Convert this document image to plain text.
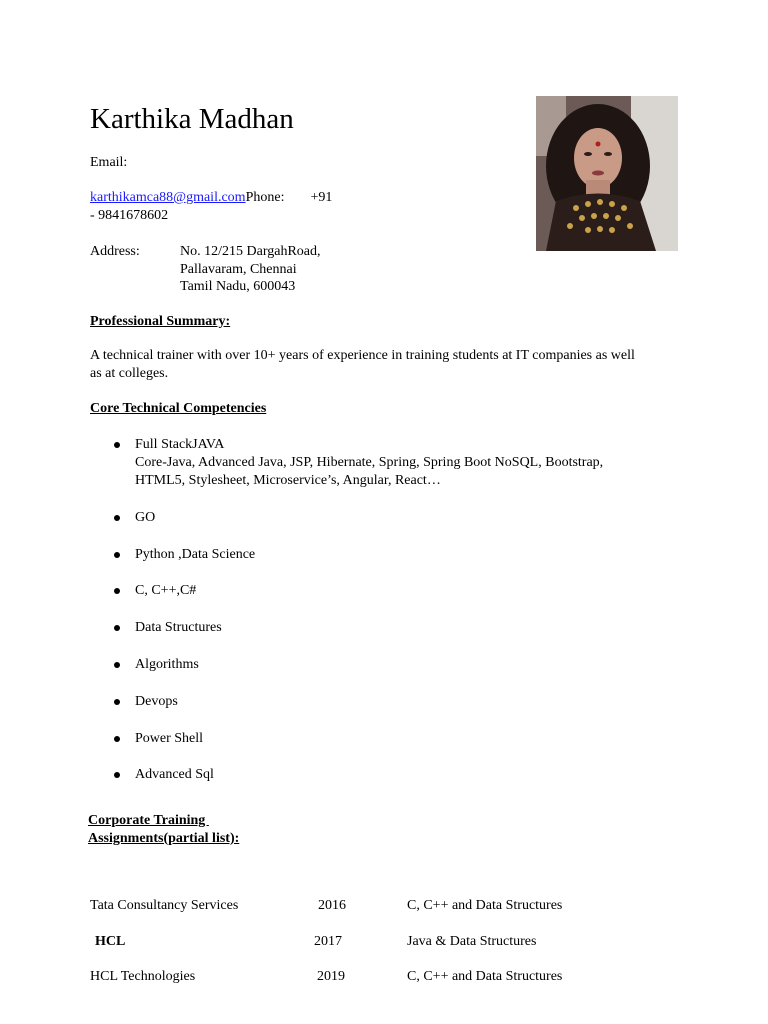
Karthika Madhan
Email:
karthikamca88@gmail.comPhone: +91
- 9841678602
Address:	No. 12/215 DargahRoad,
Pallavaram, Chennai
Tamil Nadu, 600043
Professional Summary:
A technical trainer with over 10+ years of experience in training students at IT companies as well
as at colleges.
Core Technical Competencies
Full StackJAVA
Core-Java, Advanced Java, JSP, Hibernate, Spring, Spring Boot NoSQL, Bootstrap,
HTML5, Stylesheet, Microservice’s, Angular, React…
GO
Python ,Data Science
C, C++,C#
Data Structures
Algorithms
Devops
Power Shell
Advanced Sql
Corporate Training
Assignments(partial list):
Tata Consultancy Services	2016	C, C++ and Data Structures
HCL	2017	Java & Data Structures
HCL Technologies	2019	C, C++ and Data Structures
